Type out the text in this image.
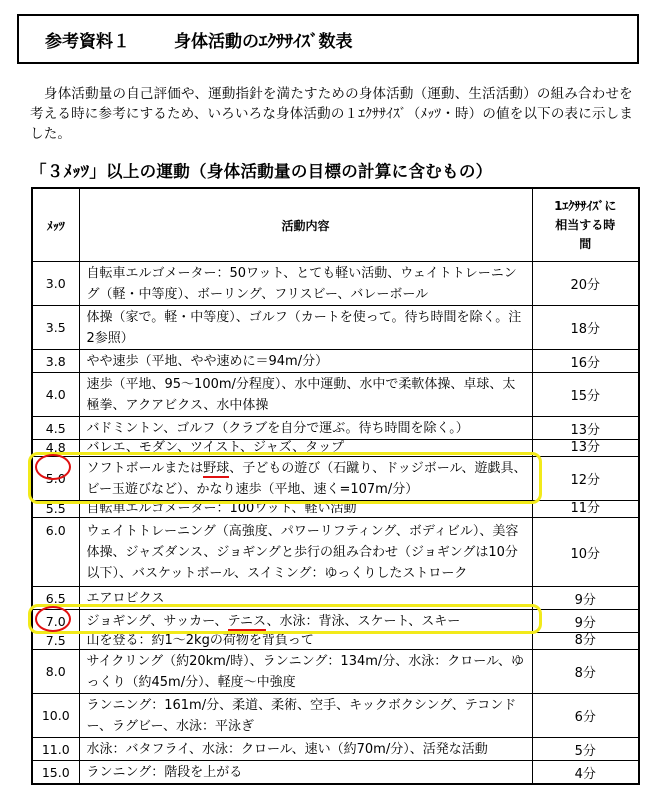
参考資料１	身体活動のｴｸｻｻｲｽﾞ数表
身体活動量の自己評価や、運動指針を満たすための身体活動（運動、生活活動）の組み合わせを考える時に参考にするため、いろいろな身体活動の１ｴｸｻｻｲｽﾞ（ﾒｯﾂ・時）の値を以下の表に示しました。
「３ﾒｯﾂ」以上の運動（身体活動量の目標の計算に含むもの）
ﾒｯﾂ	活動内容	1ｴｸｻｻｲｽﾞに
相当する時
間

3.0	自転車エルゴメーター：50ワット、とても軽い活動、ウェイトトレーニング（軽・中等度）、ボーリング、フリスビー、バレーボール	20分
3.5	体操（家で。軽・中等度）、ゴルフ（カートを使って。待ち時間を除く。注2参照）	18分
3.8	やや速歩（平地、やや速めに＝94m/分）	16分
4.0	速歩（平地、95～100m/分程度）、水中運動、水中で柔軟体操、卓球、太極拳、アクアビクス、水中体操	15分
4.5	バドミントン、ゴルフ（クラブを自分で運ぶ。待ち時間を除く。）	13分
4.8	バレエ、モダン、ツイスト、ジャズ、タップ	13分
5.0	ソフトボールまたは野球、子どもの遊び（石蹴り、ドッジボール、遊戯具、ビー玉遊びなど）、かなり速歩（平地、速く=107m/分）	12分
5.5	自転車エルゴメーター：100ワット、軽い活動	11分
6.0	ウェイトトレーニング（高強度、パワーリフティング、ボディビル）、美容体操、ジャズダンス、ジョギングと歩行の組み合わせ（ジョギングは10分以下）、バスケットボール、スイミング：ゆっくりしたストローク	10分
6.5	エアロビクス	9分
7.0	ジョギング、サッカー、テニス、水泳：背泳、スケート、スキー	9分
7.5	山を登る：約1～2kgの荷物を背負って	8分
8.0	サイクリング（約20km/時）、ランニング：134m/分、水泳：クロール、ゆっくり（約45m/分）、軽度～中強度	8分
10.0	ランニング：161m/分、柔道、柔術、空手、キックボクシング、テコンドー、ラグビー、水泳：平泳ぎ	6分
11.0	水泳：バタフライ、水泳：クロール、速い（約70m/分）、活発な活動	5分
15.0	ランニング：階段を上がる	4分
